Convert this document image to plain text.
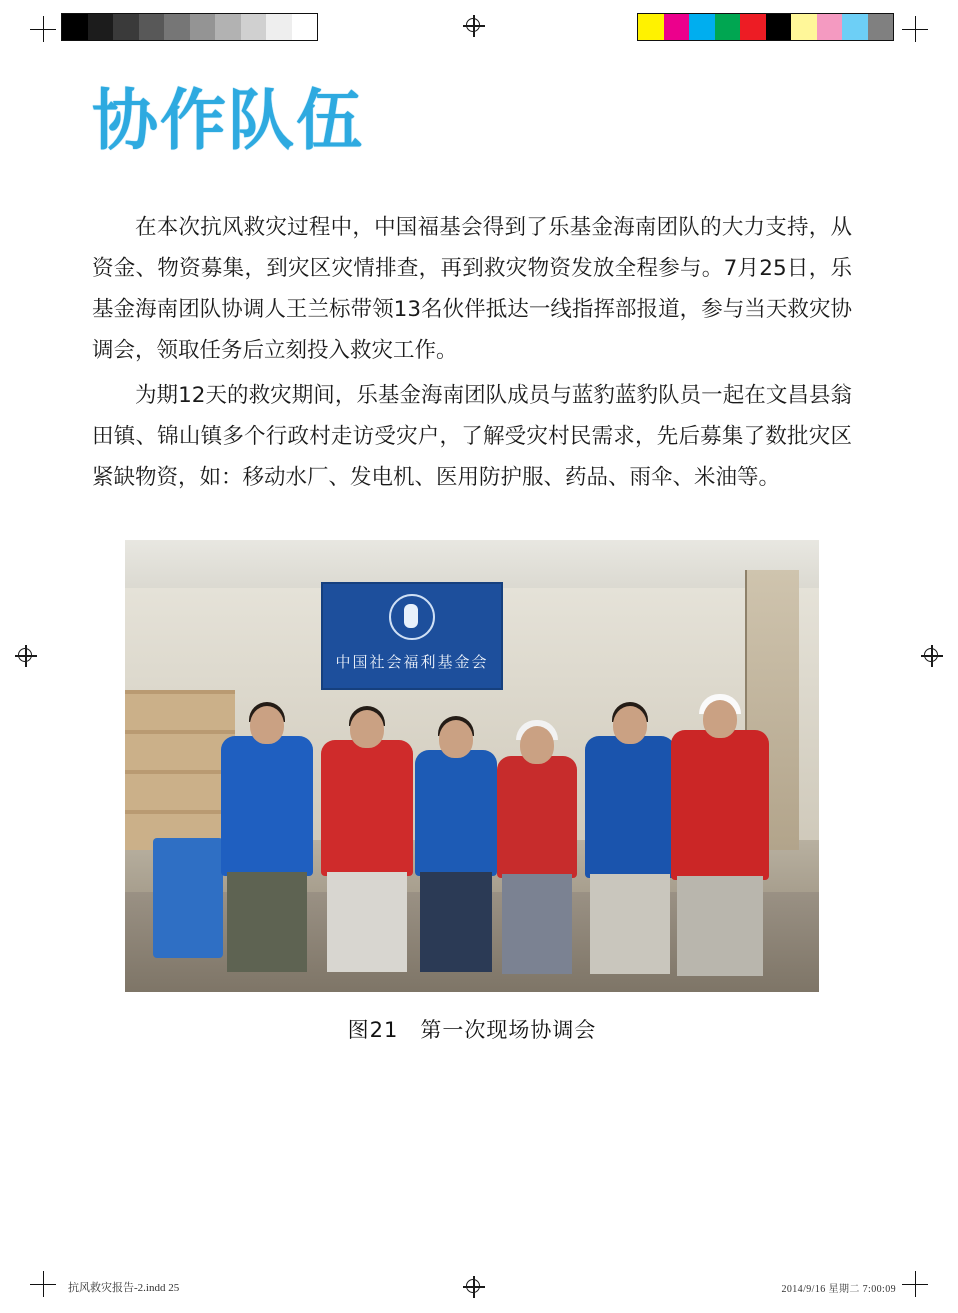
协作队伍

在本次抗风救灾过程中，中国福基会得到了乐基金海南团队的大力支持，从资金、物资募集，到灾区灾情排查，再到救灾物资发放全程参与。7月25日，乐基金海南团队协调人王兰标带领13名伙伴抵达一线指挥部报道，参与当天救灾协调会，领取任务后立刻投入救灾工作。

为期12天的救灾期间，乐基金海南团队成员与蓝豹蓝豹队员一起在文昌县翁田镇、锦山镇多个行政村走访受灾户，了解受灾村民需求，先后募集了数批灾区紧缺物资，如：移动水厂、发电机、医用防护服、药品、雨伞、米油等。

中国社会福利基金会
图21　第一次现场协调会
抗风救灾报告-2.indd 25	2014/9/16 星期二 7:00:09
